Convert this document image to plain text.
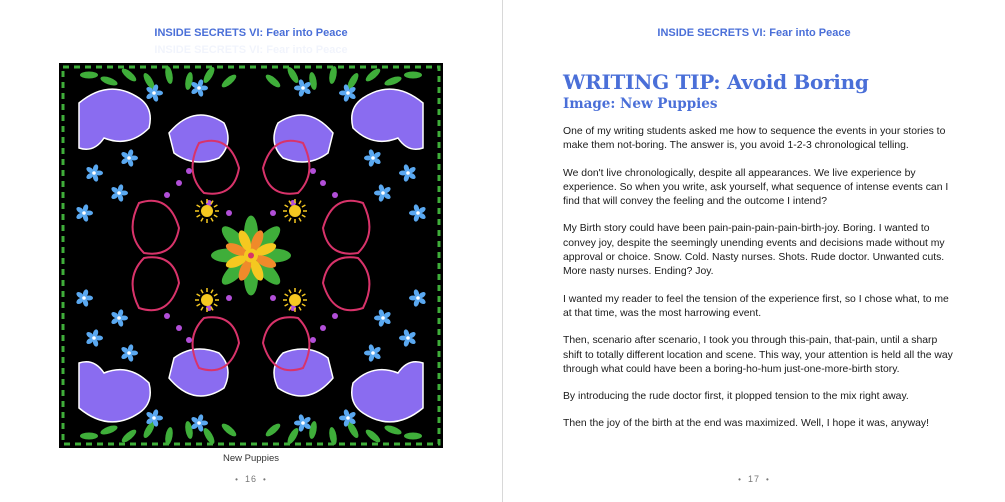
INSIDE SECRETS VI: Fear into Peace
INSIDE SECRETS VI: Fear into Peace
New Puppies
• 16 •
INSIDE SECRETS VI: Fear into Peace
WRITING TIP: Avoid Boring
Image: New Puppies

One of my writing students asked me how to sequence the events in your stories to make them not-boring. The answer is, you avoid 1-2-3 chronological telling.

We don't live chronologically, despite all appearances. We live experience by experience. So when you write, ask yourself, what sequence of intense events can I find that will convey the feeling and the outcome I intend?

My Birth story could have been pain-pain-pain-pain-birth-joy. Boring. I wanted to convey joy, despite the seemingly unending events and decisions made without my approval or choice. Snow. Cold. Nasty nurses. Shots. Rude doctor. Unwanted cuts. More nasty nurses. Ending? Joy.

I wanted my reader to feel the tension of the experience first, so I chose what, to me at that time, was the most harrowing event.

Then, scenario after scenario, I took you through this-pain, that-pain, until a sharp shift to totally different location and scene. This way, your attention is held all the way through what could have been a boring-ho-hum just-one-more-birth story.

By introducing the rude doctor first, it plopped tension to the mix right away.

Then the joy of the birth at the end was maximized. Well, I hope it was, anyway!

• 17 •
